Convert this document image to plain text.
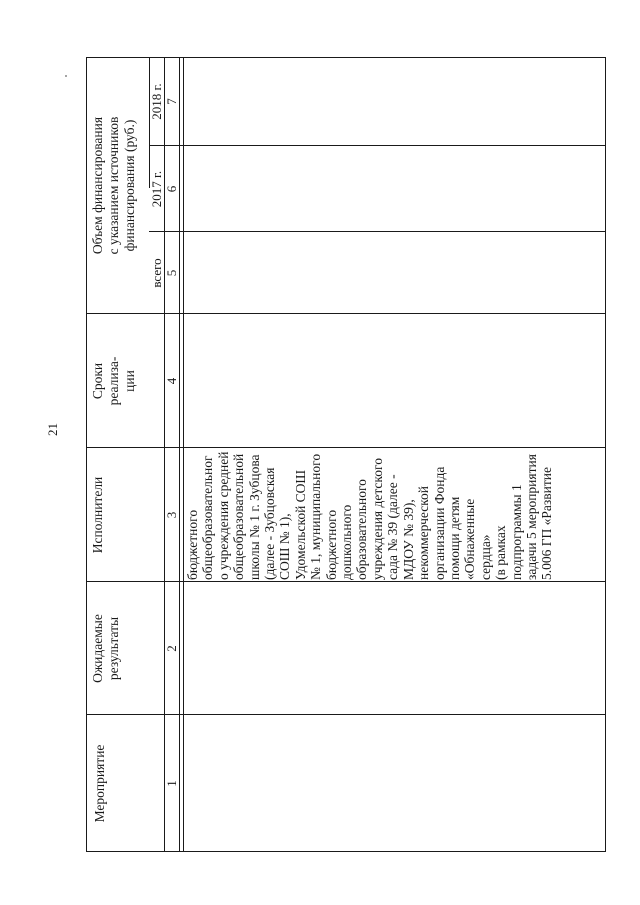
21
Мероприятие
Ожидаемые результаты
Исполнители
Сроки реализа- ции
Объем финансирования с указанием источников финансирования (руб.)
всего
2017 г.
2018 г.
1
2
3
4
5
6
7
бюджетного общеобразовательног о учреждения средней общеобразовательной школы № 1 г. Зубцова (далее - Зубцовская СОШ № 1), Удомельской СОШ № 1, муниципального бюджетного дошкольного образовательного учреждения детского сада № 39 (далее - МДОУ № 39), некоммерческой организации Фонда помощи детям «Обнаженные сердца» (в рамках подпрограммы 1 задачи 5 мероприятия 5.006 ГП «Развитие
